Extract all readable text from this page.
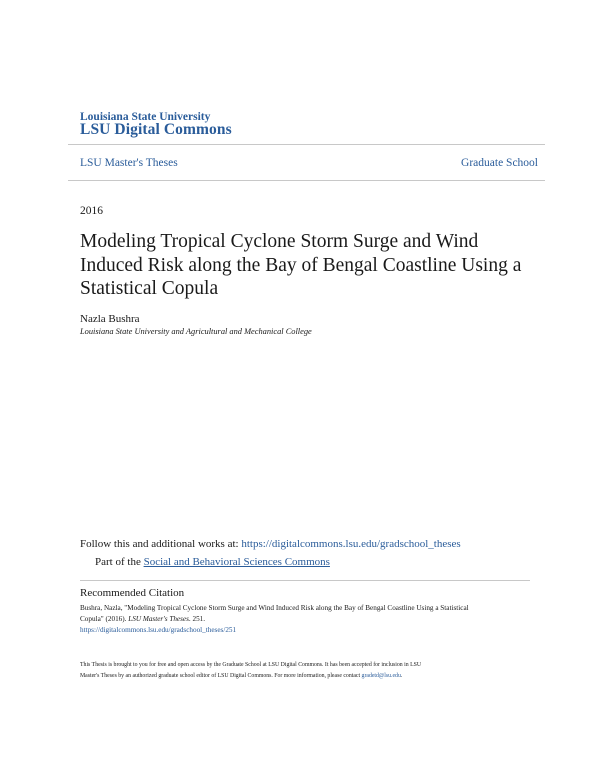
Louisiana State University
LSU Digital Commons
LSU Master's Theses	Graduate School
2016
Modeling Tropical Cyclone Storm Surge and Wind Induced Risk along the Bay of Bengal Coastline Using a Statistical Copula
Nazla Bushra
Louisiana State University and Agricultural and Mechanical College
Follow this and additional works at: https://digitalcommons.lsu.edu/gradschool_theses
Part of the Social and Behavioral Sciences Commons
Recommended Citation

Bushra, Nazla, "Modeling Tropical Cyclone Storm Surge and Wind Induced Risk along the Bay of Bengal Coastline Using a Statistical

Copula" (2016). LSU Master's Theses. 251.

https://digitalcommons.lsu.edu/gradschool_theses/251

This Thesis is brought to you for free and open access by the Graduate School at LSU Digital Commons. It has been accepted for inclusion in LSU

Master's Theses by an authorized graduate school editor of LSU Digital Commons. For more information, please contact gradetd@lsu.edu.
